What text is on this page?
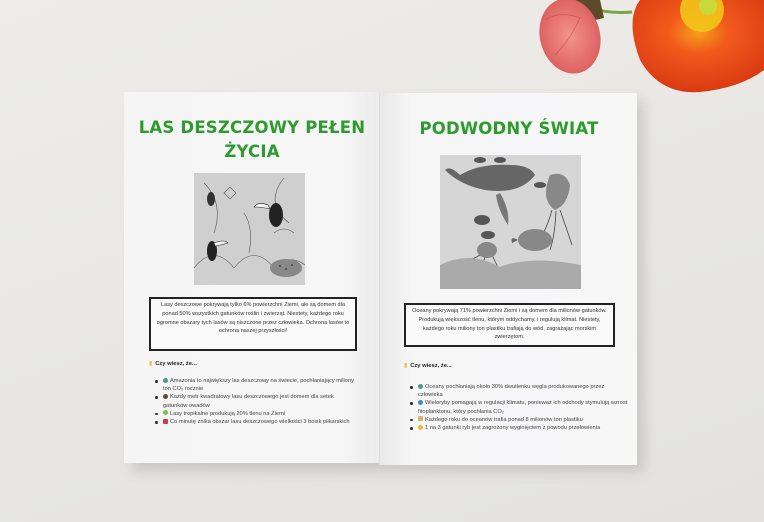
LAS DESZCZOWY PEŁEN ŻYCIA
Lasy deszczowe pokrywają tylko 6% powierzchni Ziemi, ale są domem dla ponad 50% wszystkich gatunków roślin i zwierząt. Niestety, każdego roku ogromne obszary tych lasów są niszczone przez człowieka. Ochrona lasów to ochrona naszej przyszłości!
▮ Czy wiesz, że...
Amazonia to największy las deszczowy na świecie, pochłaniający miliony ton CO₂ rocznie
Każdy metr kwadratowy lasu deszczowego jest domem dla setek gatunków owadów
Lasy tropikalne produkują 20% tlenu na Ziemi
Co minutę znika obszar lasu deszczowego wielkości 3 boisk piłkarskich
PODWODNY ŚWIAT
Oceany pokrywają 71% powierzchni Ziemi i są domem dla milionów gatunków. Produkują większość tlenu, którym oddychamy, i regulują klimat. Niestety, każdego roku miliony ton plastiku trafiają do wód, zagrażając morskim zwierzętom.
▮ Czy wiesz, że...
Oceany pochłaniają około 30% dwutlenku węgla produkowanego przez człowieka
Wieloryby pomagają w regulacji klimatu, ponieważ ich odchody stymulują wzrost fitoplanktonu, który pochłania CO₂
Każdego roku do oceanów trafia ponad 8 milionów ton plastiku
1 na 3 gatunki ryb jest zagrożony wyginięciem z powodu przełowienia
